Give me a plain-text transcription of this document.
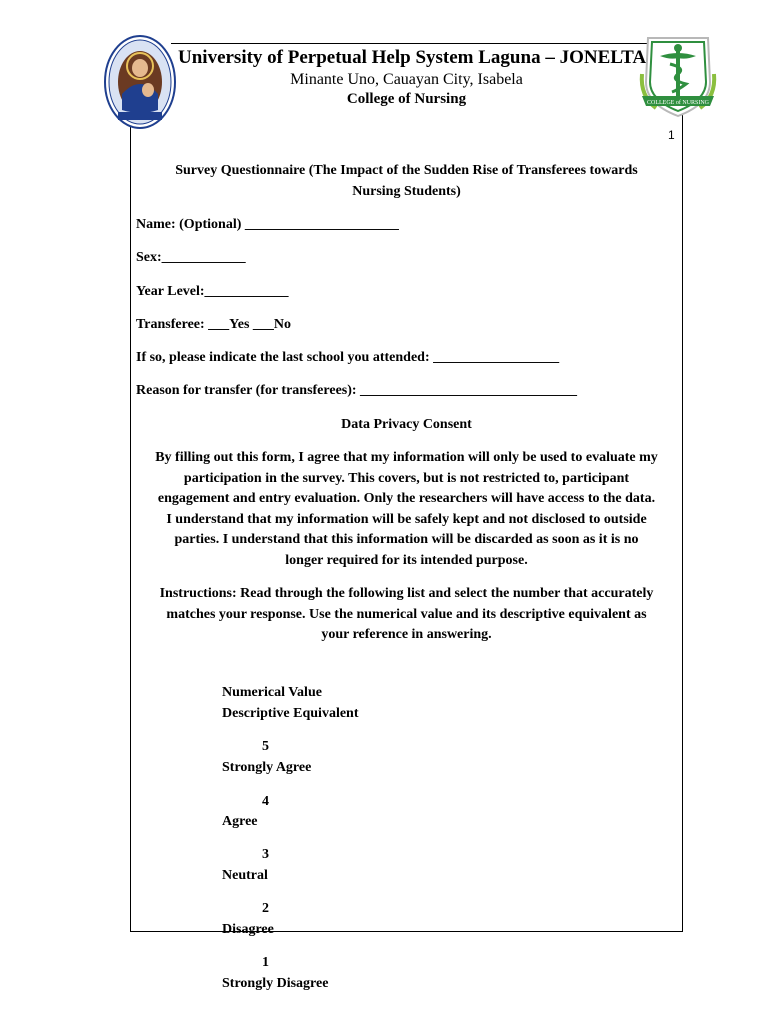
COLLEGE of NURSING
University of Perpetual Help System Laguna – JONELTA
Minante Uno, Cauayan City, Isabela
College of Nursing
1
Survey Questionnaire (The Impact of the Sudden Rise of Transferees towards
Nursing Students)
Name: (Optional) ______________________
Sex:____________
Year Level:____________
Transferee: ___Yes ___No
If so, please indicate the last school you attended: __________________
Reason for transfer (for transferees): _______________________________
Data Privacy Consent
By filling out this form, I agree that my information will only be used to evaluate my
participation in the survey. This covers, but is not restricted to, participant
engagement and entry evaluation. Only the researchers will have access to the data.
I understand that my information will be safely kept and not disclosed to outside
parties. I understand that this information will be discarded as soon as it is no
longer required for its intended purpose.
Instructions: Read through the following list and select the number that accurately
matches your response. Use the numerical value and its descriptive equivalent as
your reference in answering.
Numerical Value
Descriptive Equivalent
5
Strongly Agree
4
Agree
3
Neutral
2
Disagree
1
Strongly Disagree
